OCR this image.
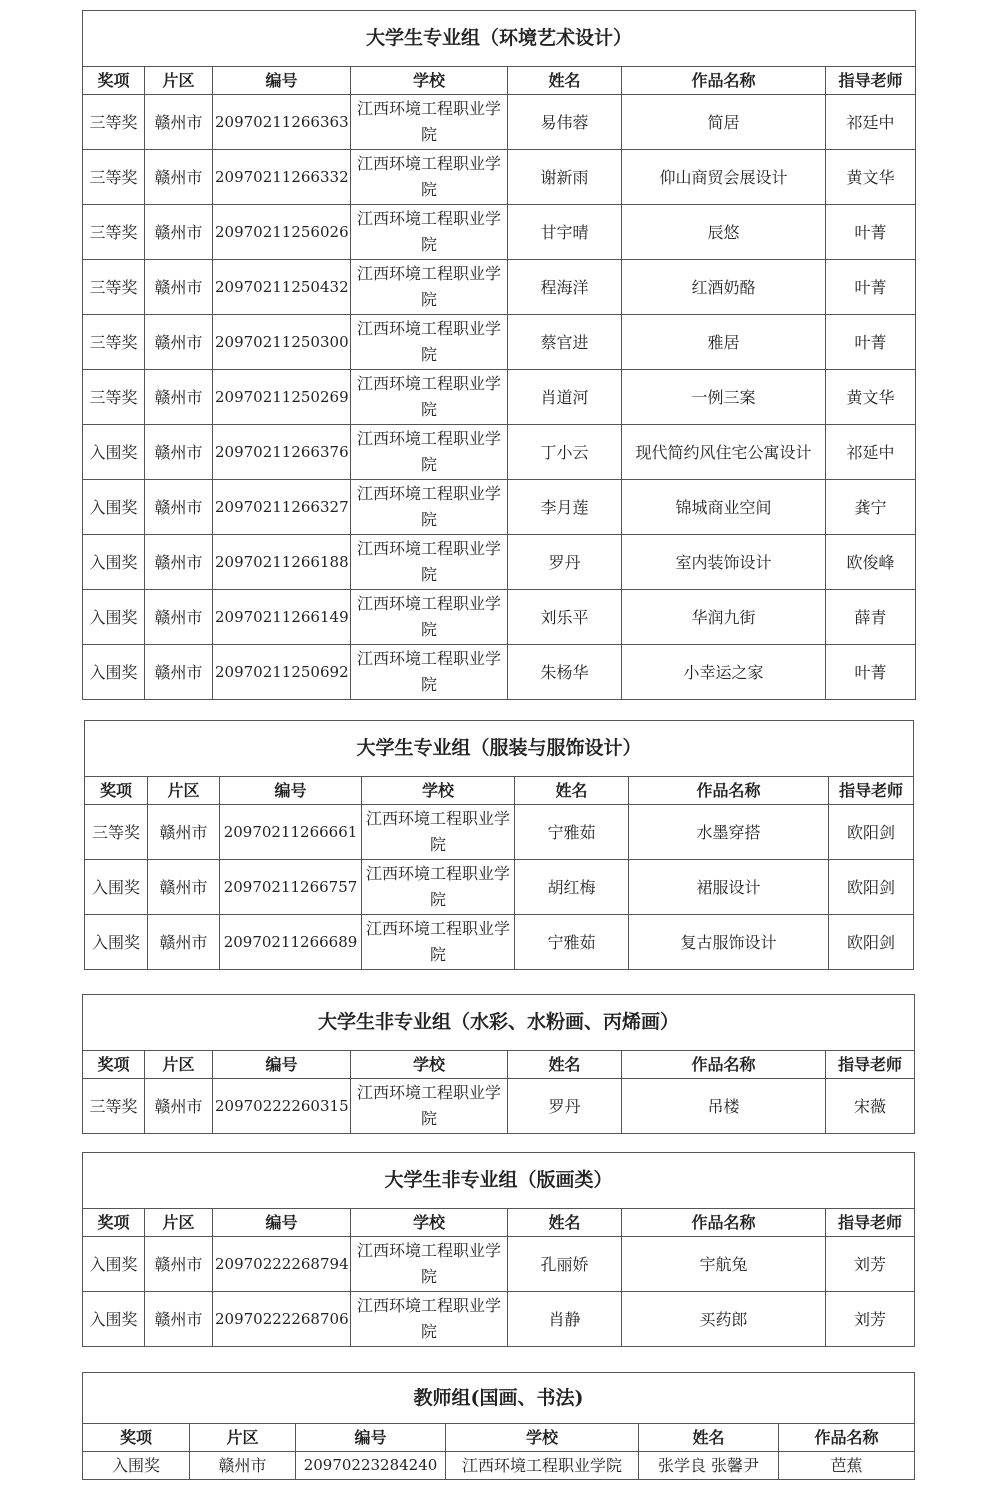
大学生专业组（环境艺术设计）						
奖项	片区	编号	学校	姓名	作品名称	指导老师
三等奖	赣州市	20970211266363	江西环境工程职业学院	易伟蓉	简居	祁廷中
三等奖	赣州市	20970211266332	江西环境工程职业学院	谢新雨	仰山商贸会展设计	黄文华
三等奖	赣州市	20970211256026	江西环境工程职业学院	甘宇晴	辰悠	叶菁
三等奖	赣州市	20970211250432	江西环境工程职业学院	程海洋	红酒奶酪	叶菁
三等奖	赣州市	20970211250300	江西环境工程职业学院	蔡官进	雅居	叶菁
三等奖	赣州市	20970211250269	江西环境工程职业学院	肖道河	一例三案	黄文华
入围奖	赣州市	20970211266376	江西环境工程职业学院	丁小云	现代简约风住宅公寓设计	祁延中
入围奖	赣州市	20970211266327	江西环境工程职业学院	李月莲	锦城商业空间	龚宁
入围奖	赣州市	20970211266188	江西环境工程职业学院	罗丹	室内装饰设计	欧俊峰
入围奖	赣州市	20970211266149	江西环境工程职业学院	刘乐平	华润九街	薛青
入围奖	赣州市	20970211250692	江西环境工程职业学院	朱杨华	小幸运之家	叶菁
大学生专业组（服装与服饰设计）						
奖项	片区	编号	学校	姓名	作品名称	指导老师
三等奖	赣州市	20970211266661	江西环境工程职业学院	宁雅茹	水墨穿搭	欧阳剑
入围奖	赣州市	20970211266757	江西环境工程职业学院	胡红梅	裙服设计	欧阳剑
入围奖	赣州市	20970211266689	江西环境工程职业学院	宁雅茹	复古服饰设计	欧阳剑
大学生非专业组（水彩、水粉画、丙烯画）						
奖项	片区	编号	学校	姓名	作品名称	指导老师
三等奖	赣州市	20970222260315	江西环境工程职业学院	罗丹	吊楼	宋薇
大学生非专业组（版画类）						
奖项	片区	编号	学校	姓名	作品名称	指导老师
入围奖	赣州市	20970222268794	江西环境工程职业学院	孔丽娇	宇航兔	刘芳
入围奖	赣州市	20970222268706	江西环境工程职业学院	肖静	买药郎	刘芳
教师组(国画、书法)					
奖项	片区	编号	学校	姓名	作品名称
入围奖	赣州市	20970223284240	江西环境工程职业学院	张学良 张馨尹	芭蕉
